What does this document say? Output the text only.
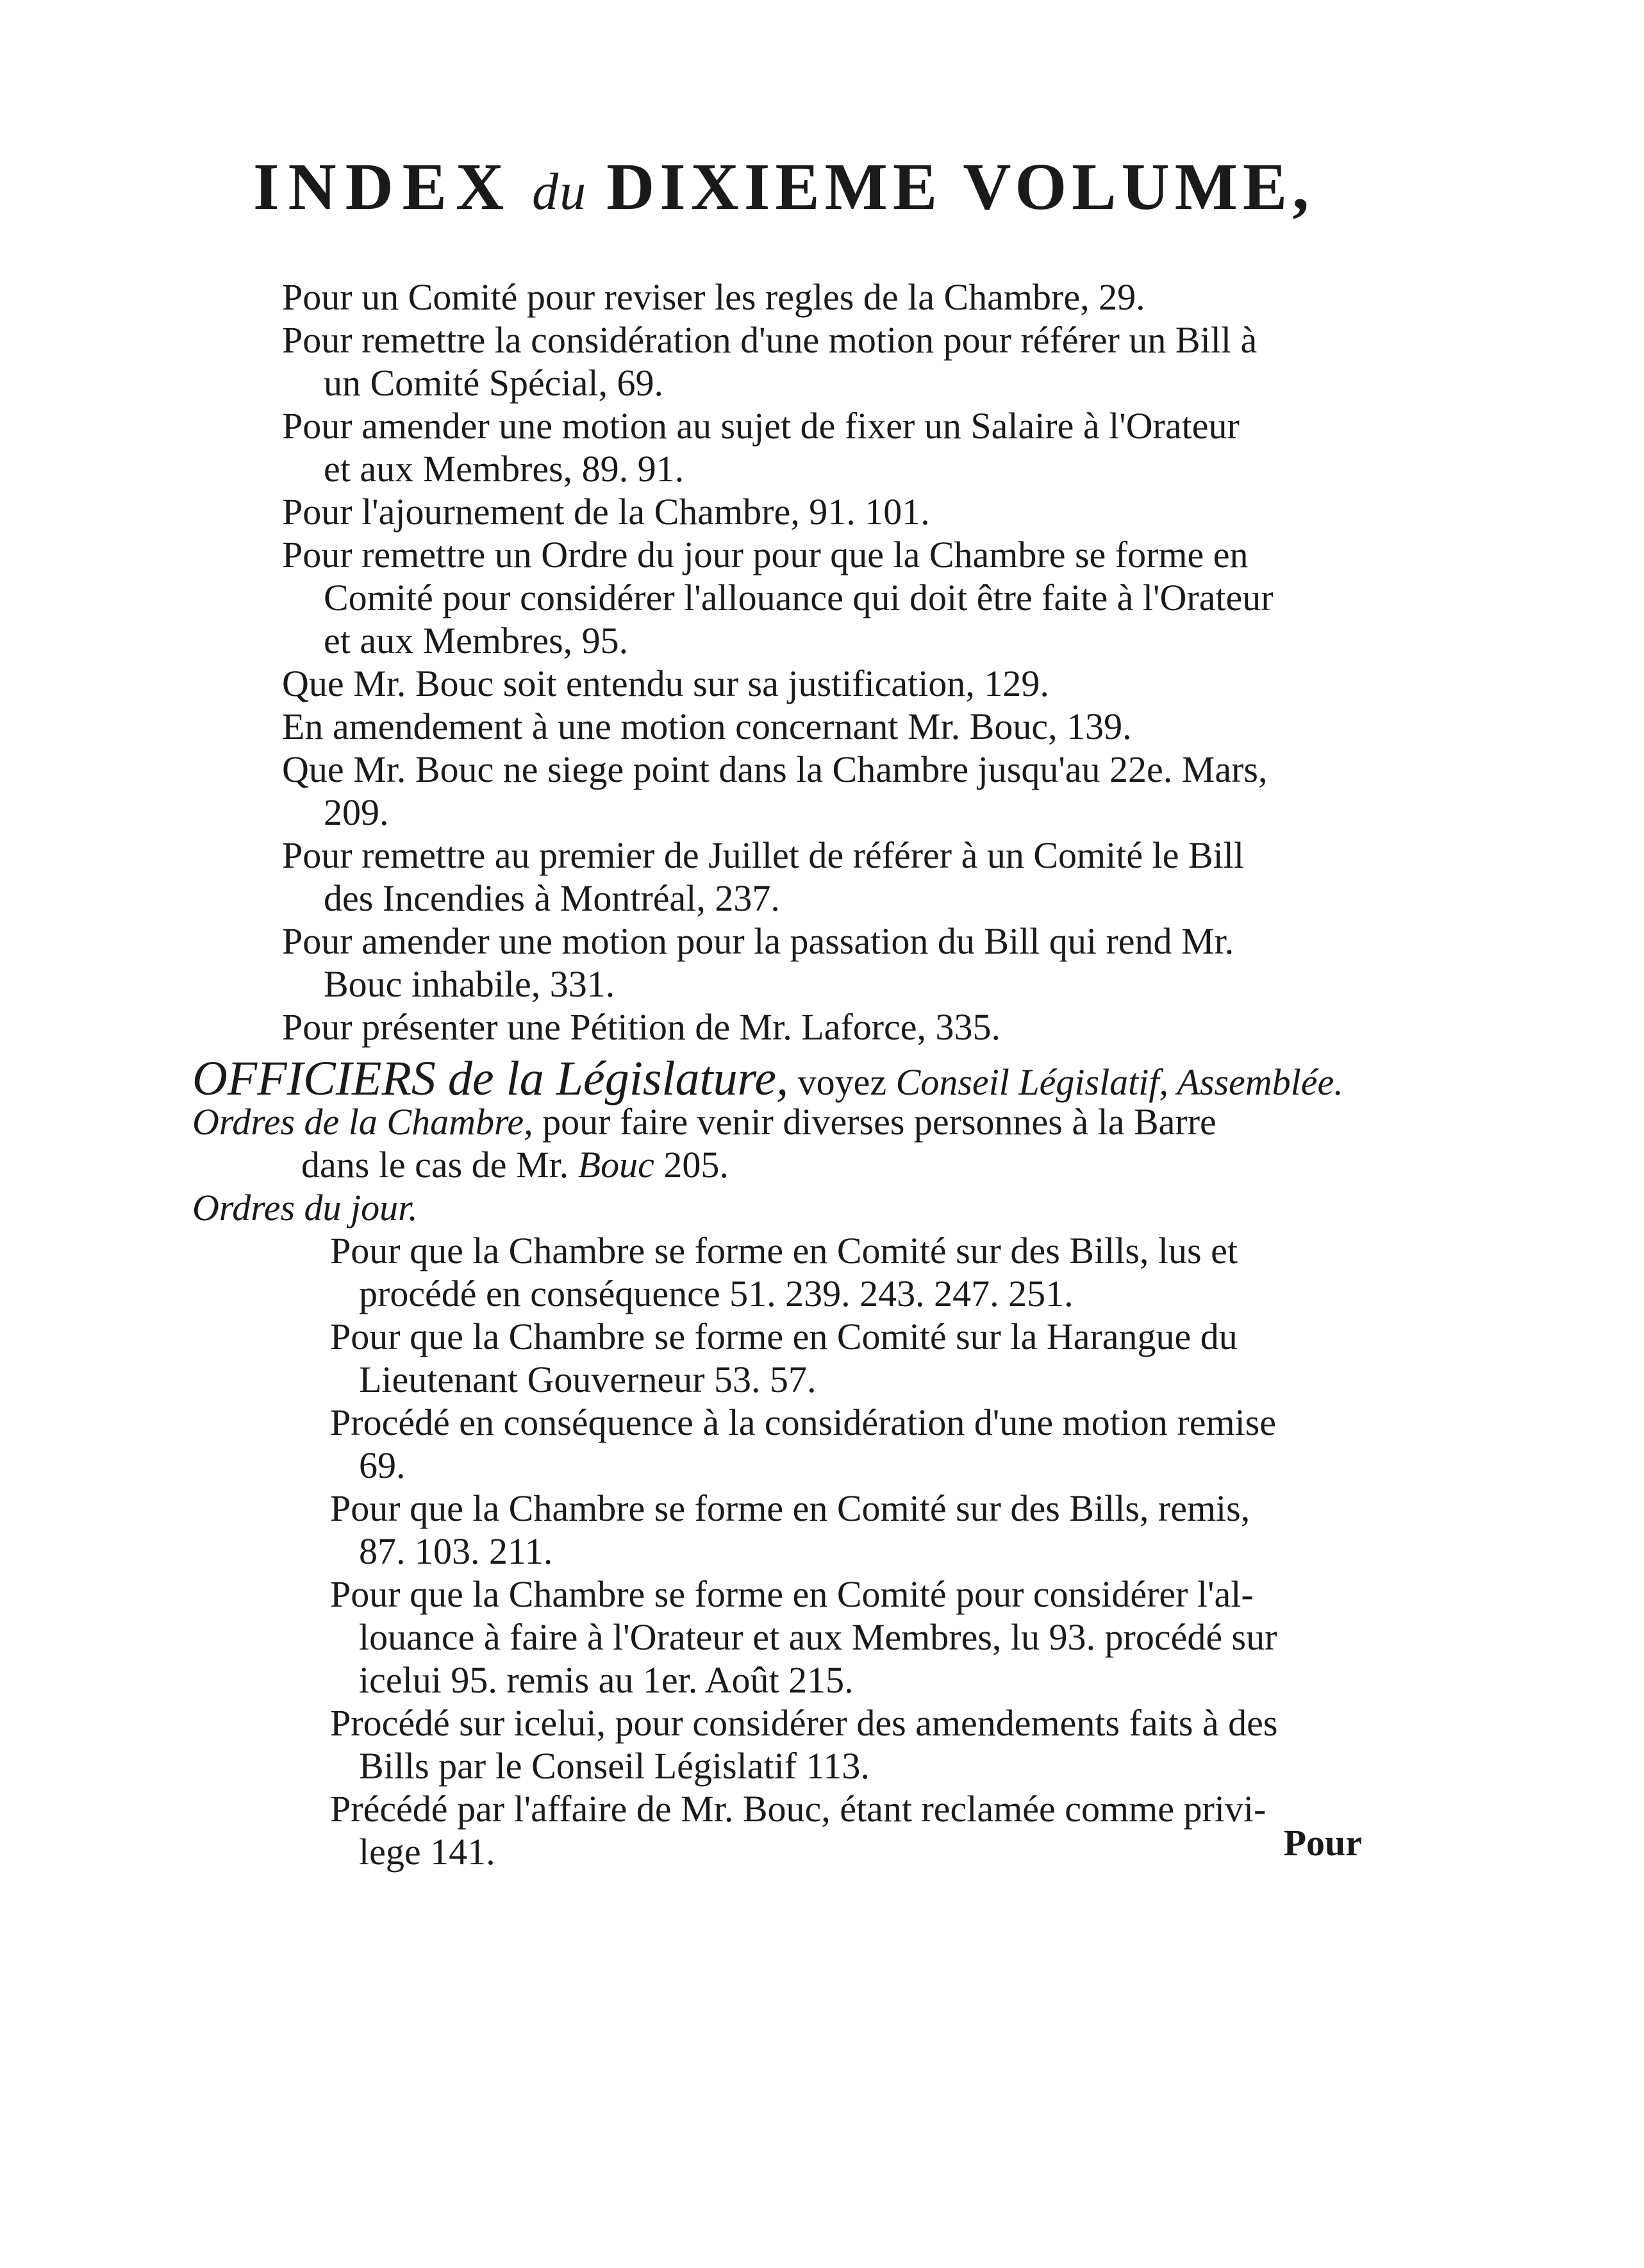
INDEX du DIXIEME VOLUME,
Pour un Comité pour reviser les regles de la Chambre, 29.
Pour remettre la considération d'une motion pour référer un Bill à
un Comité Spécial, 69.
Pour amender une motion au sujet de fixer un Salaire à l'Orateur
et aux Membres, 89. 91.
Pour l'ajournement de la Chambre, 91. 101.
Pour remettre un Ordre du jour pour que la Chambre se forme en
Comité pour considérer l'allouance qui doit être faite à l'Orateur
et aux Membres, 95.
Que Mr. Bouc soit entendu sur sa justification, 129.
En amendement à une motion concernant Mr. Bouc, 139.
Que Mr. Bouc ne siege point dans la Chambre jusqu'au 22e. Mars,
209.
Pour remettre au premier de Juillet de référer à un Comité le Bill
des Incendies à Montréal, 237.
Pour amender une motion pour la passation du Bill qui rend Mr.
Bouc inhabile, 331.
Pour présenter une Pétition de Mr. Laforce, 335.
OFFICIERS de la Législature, voyez Conseil Législatif, Assemblée.
Ordres de la Chambre, pour faire venir diverses personnes à la Barre
dans le cas de Mr. Bouc 205.
Ordres du jour.
Pour que la Chambre se forme en Comité sur des Bills, lus et
procédé en conséquence 51. 239. 243. 247. 251.
Pour que la Chambre se forme en Comité sur la Harangue du
Lieutenant Gouverneur 53. 57.
Procédé en conséquence à la considération d'une motion remise
69.
Pour que la Chambre se forme en Comité sur des Bills, remis,
87. 103. 211.
Pour que la Chambre se forme en Comité pour considérer l'al-
louance à faire à l'Orateur et aux Membres, lu 93. procédé sur
icelui 95. remis au 1er. Août 215.
Procédé sur icelui, pour considérer des amendements faits à des
Bills par le Conseil Législatif 113.
Précédé par l'affaire de Mr. Bouc, étant reclamée comme privi-
lege 141.	Pour
